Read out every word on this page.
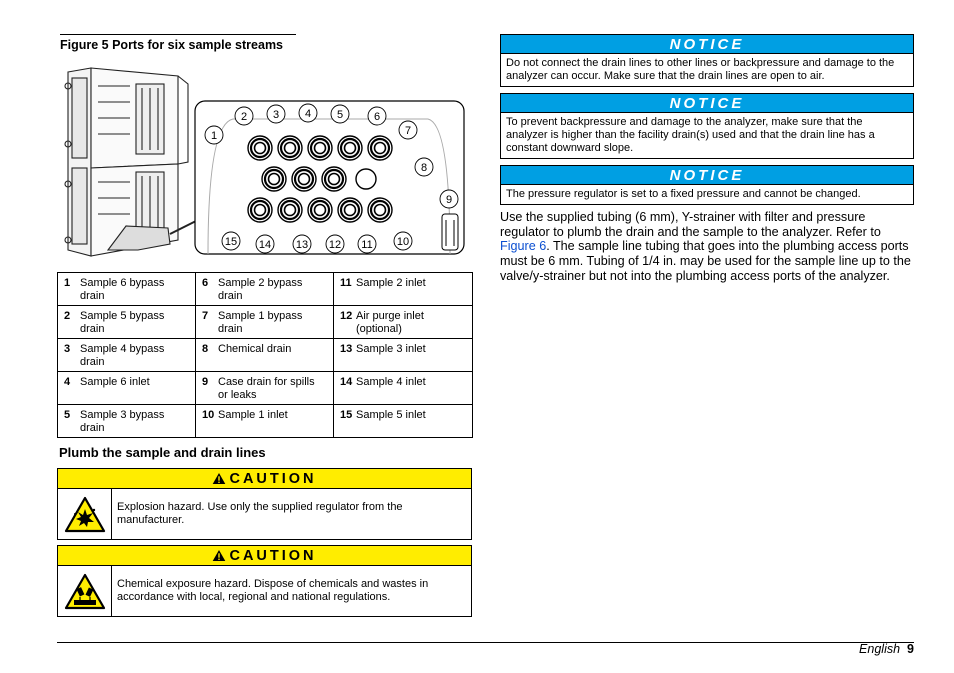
Figure 5 Ports for six sample streams
1
2 3 4 5	6
7
8
9
10
11
12
13
14
15
1 Sample 6 bypass drain	6 Sample 2 bypass drain	11 Sample 2 inlet
2 Sample 5 bypass drain	7 Sample 1 bypass drain	12 Air purge inlet (optional)
3 Sample 4 bypass drain	8 Chemical drain	13 Sample 3 inlet
4 Sample 6 inlet	9 Case drain for spills or leaks	14 Sample 4 inlet
5 Sample 3 bypass drain	10 Sample 1 inlet	15 Sample 5 inlet
Plumb the sample and drain lines
CAUTION
Explosion hazard. Use only the supplied regulator from the manufacturer.
CAUTION
Chemical exposure hazard. Dispose of chemicals and wastes in accordance with local, regional and national regulations.
NOTICE
Do not connect the drain lines to other lines or backpressure and damage to the analyzer can occur. Make sure that the drain lines are open to air.
NOTICE
To prevent backpressure and damage to the analyzer, make sure that the analyzer is higher than the facility drain(s) used and that the drain line has a constant downward slope.
NOTICE
The pressure regulator is set to a fixed pressure and cannot be changed.
Use the supplied tubing (6 mm), Y-strainer with filter and pressure regulator to plumb the drain and the sample to the analyzer. Refer to Figure 6. The sample line tubing that goes into the plumbing access ports must be 6 mm. Tubing of 1/4 in. may be used for the sample line up to the valve/y-strainer but not into the plumbing access ports of the analyzer.
English 9
